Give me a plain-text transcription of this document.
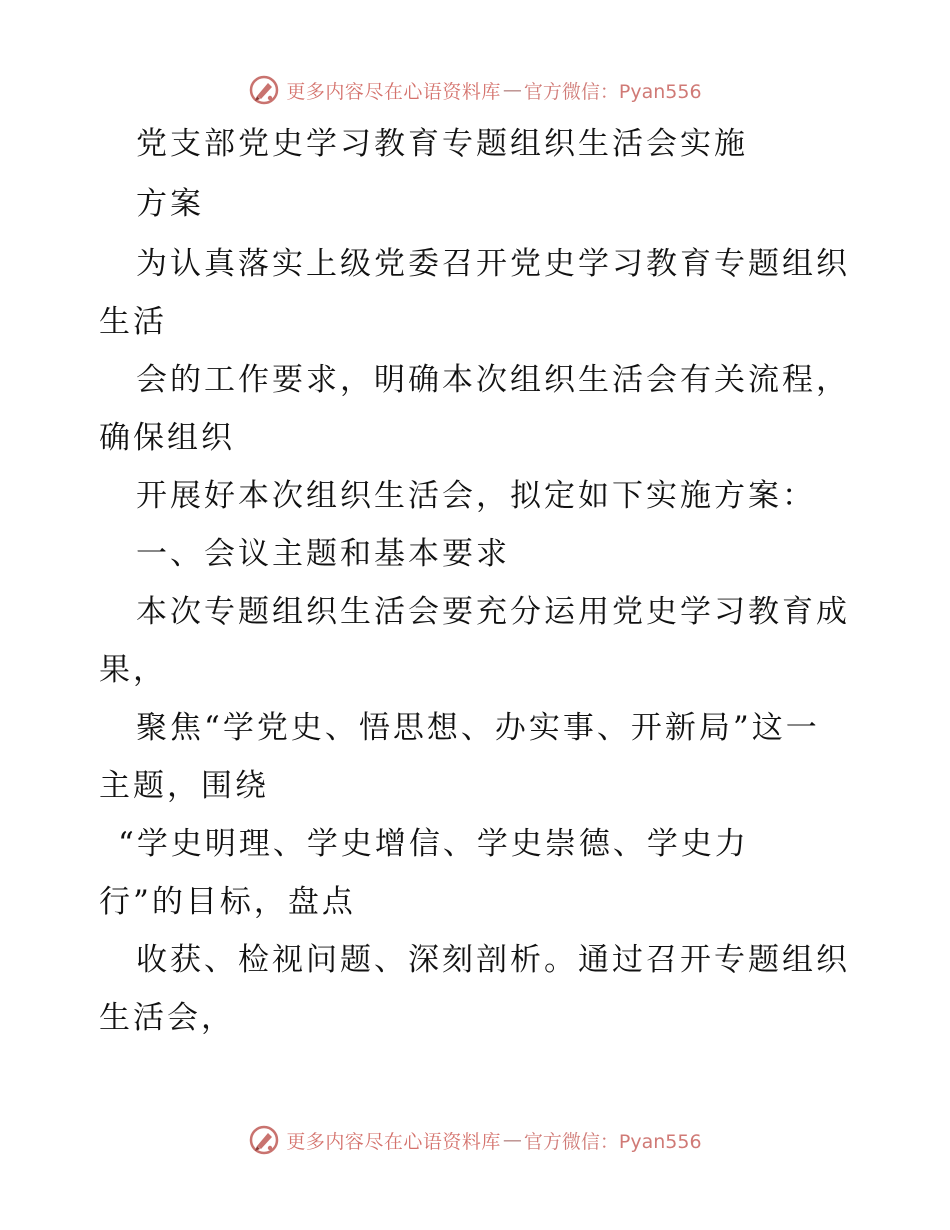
更多内容尽在心语资料库 — 官方微信：Pyan556
党支部党史学习教育专题组织生活会实施
方案
为认真落实上级党委召开党史学习教育专题组织
生活
会的工作要求，明确本次组织生活会有关流程，
确保组织
开展好本次组织生活会，拟定如下实施方案：
一、会议主题和基本要求
本次专题组织生活会要充分运用党史学习教育成
果，
聚焦“学党史、悟思想、办实事、开新局”这一
主题，围绕
“学史明理、学史增信、学史崇德、学史力
行”的目标，盘点
收获、检视问题、深刻剖析。通过召开专题组织
生活会，
更多内容尽在心语资料库 — 官方微信：Pyan556
